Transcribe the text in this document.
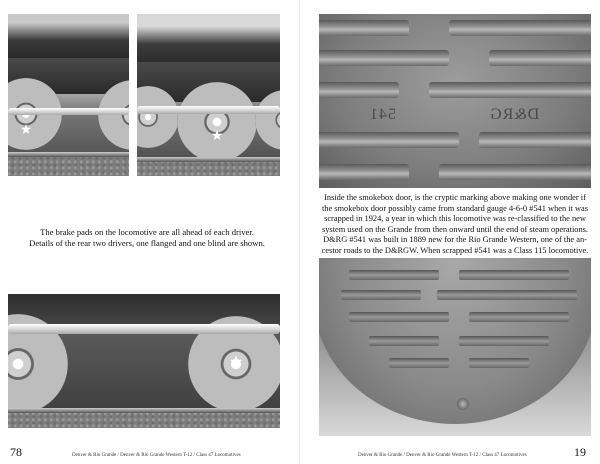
★	★
The brake pads on the locomotive are all ahead of each driver.
Details of the rear two drivers, one flanged and one blind are shown.
★
78	Denver & Rio Grande / Denver & Rio Grande Western T-12 / Class 47 Locomotives
541	D&RG
Inside the smokebox door, is the cryptic marking above making one wonder if
the smokebox door possibly came from standard gauge 4-6-0 #541 when it was
scrapped in 1924, a year in which this locomotive was re-classified to the new
system used on the Grande from then onward until the end of steam operations.
D&RG #541 was built in 1889 new for the Rio Grande Western, one of the an-
cestor roads to the D&RGW. When scrapped #541 was a Class 115 locomotive.
Denver & Rio Grande / Denver & Rio Grande Western T-12 / Class 47 Locomotives	19
